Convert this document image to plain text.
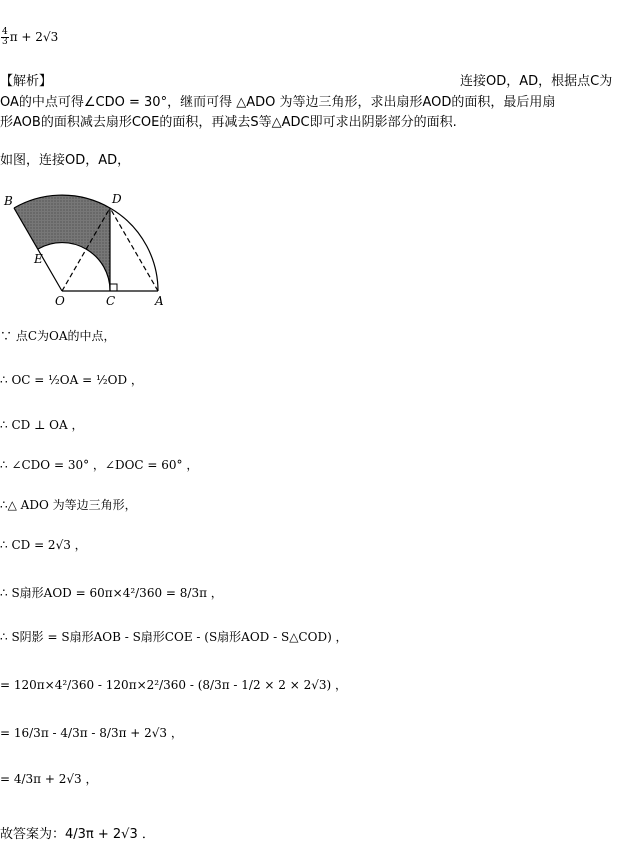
$\frac{4}{3}$ π + 2√3
【解析】	连接OD，AD，根据点C为
OA的中点可得∠CDO = 30°，继而可得 △ADO 为等边三角形，求出扇形AOD的面积，最后用扇
形AOB的面积减去扇形COE的面积，再减去S等△ADC即可求出阴影部分的面积.
如图，连接OD，AD，
B	D
E
O	C	A
∵ 点C为OA的中点，
∴ OC = ½OA = ½OD ，
∴ CD ⊥ OA ，
∴ ∠CDO = 30° ，∠DOC = 60° ，
∴△ ADO 为等边三角形，
∴ CD = 2√3 ，
∴ S扇形AOD = 60π×4²/360 = 8/3π ，
∴ S阴影 = S扇形AOB - S扇形COE - (S扇形AOD - S△COD) ，
= 120π×4²/360 - 120π×2²/360 - (8/3π - 1/2 × 2 × 2√3) ，
= 16/3π - 4/3π - 8/3π + 2√3 ，
= 4/3π + 2√3 ，
故答案为：4/3π + 2√3 ．
